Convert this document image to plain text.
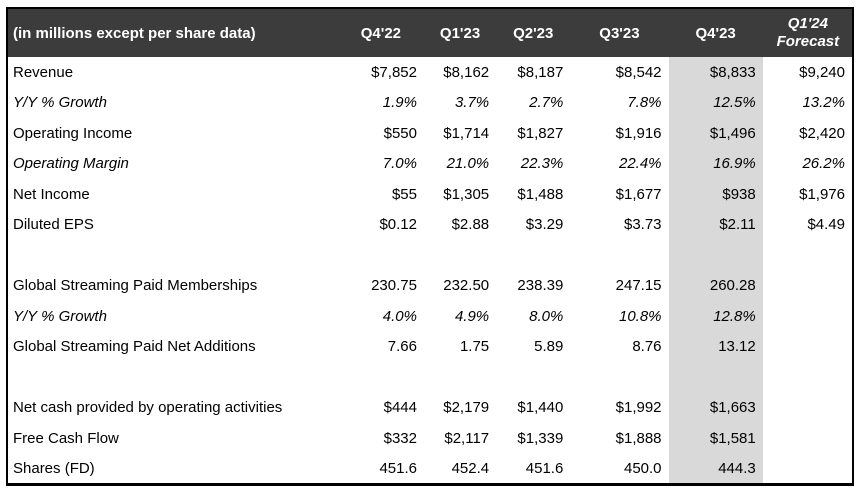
(in millions except per share data)	Q4'22	Q1'23	Q2'23	Q3'23	Q4'23	Q1'24 Forecast
Revenue	$7,852	$8,162	$8,187	$8,542	$8,833	$9,240
Y/Y % Growth	1.9%	3.7%	2.7%	7.8%	12.5%	13.2%
Operating Income	$550	$1,714	$1,827	$1,916	$1,496	$2,420
Operating Margin	7.0%	21.0%	22.3%	22.4%	16.9%	26.2%
Net Income	$55	$1,305	$1,488	$1,677	$938	$1,976
Diluted EPS	$0.12	$2.88	$3.29	$3.73	$2.11	$4.49

Global Streaming Paid Memberships	230.75	232.50	238.39	247.15	260.28	
Y/Y % Growth	4.0%	4.9%	8.0%	10.8%	12.8%	
Global Streaming Paid Net Additions	7.66	1.75	5.89	8.76	13.12	

Net cash provided by operating activities	$444	$2,179	$1,440	$1,992	$1,663	
Free Cash Flow	$332	$2,117	$1,339	$1,888	$1,581	
Shares (FD)	451.6	452.4	451.6	450.0	444.3	
